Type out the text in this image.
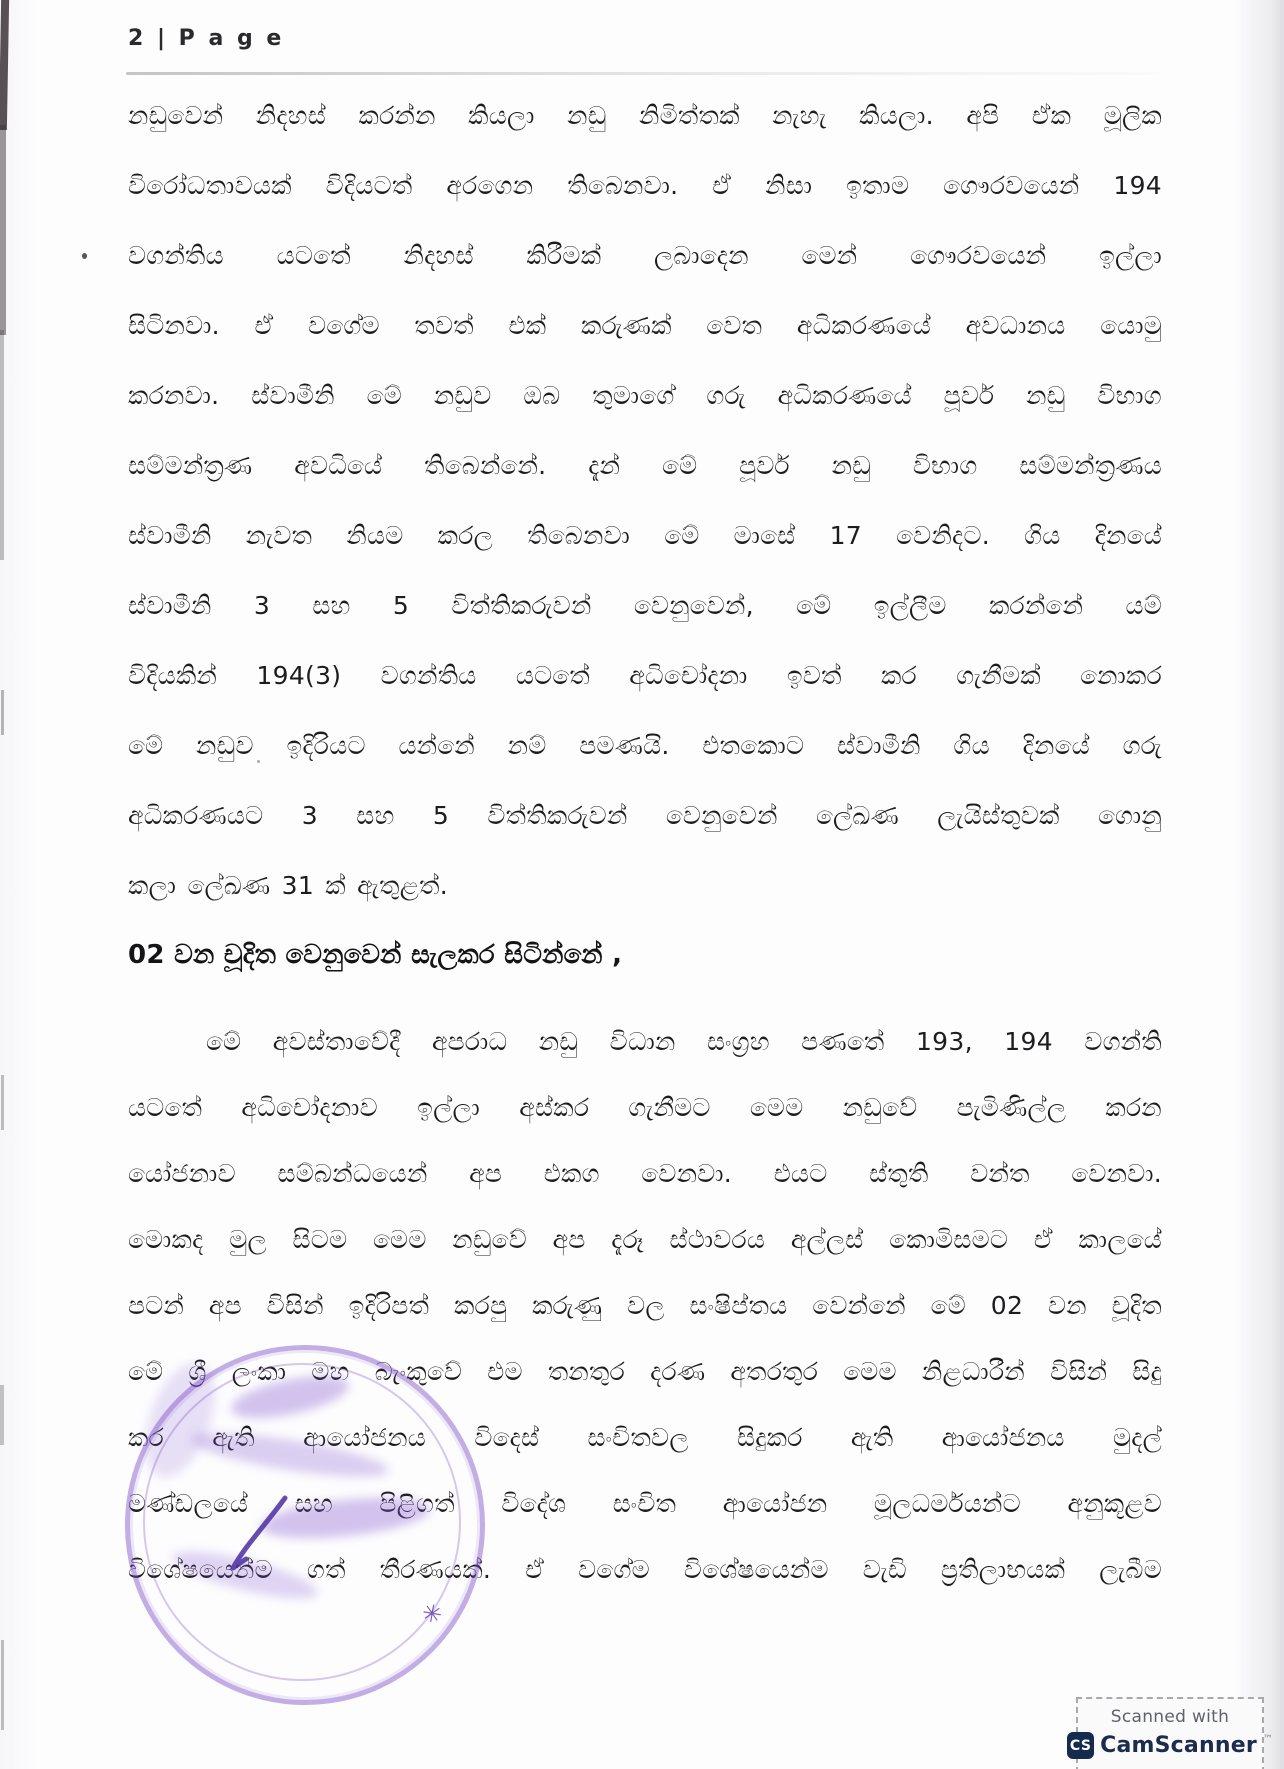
2 | P a g e
නඩුවෙන් නිදහස් කරන්න කියලා නඩු නිමිත්තක් නැහැ කියලා. අපි ඒක මූලික
විරෝධතාවයක් විදියටත් අරගෙන තිබෙනවා. ඒ නිසා ඉතාම ගෞරවයෙන් 194
වගන්තිය යටතේ නිදහස් කිරීමක් ලබාදෙන මෙන් ගෞරවයෙන් ඉල්ලා
සිටිනවා. ඒ වගේම තවත් එක් කරුණක් වෙත අධිකරණයේ අවධානය යොමු
කරනවා. ස්වාමීනි මේ නඩුව ඔබ තුමාගේ ගරු අධිකරණයේ පූර්ව නඩු විභාග
සම්මන්ත්‍රණ අවධියේ තිබෙන්නේ. දැන් මේ පූර්ව නඩු විභාග සම්මන්ත්‍රණය
ස්වාමීනි නැවත නියම කරල තිබෙනවා මේ මාසේ 17 වෙනිදට. ගිය දිනයේ
ස්වාමීනි 3 සහ 5 විත්තිකරුවන් වෙනුවෙන්, මේ ඉල්ලීම කරන්නේ යම්
විදියකින් 194(3) වගන්තිය යටතේ අධිචෝදනා ඉවත් කර ගැනීමක් නොකර
මේ නඩුව ඉදිරියට යන්නේ නම් පමණයි. එතකොට ස්වාමීනි ගිය දිනයේ ගරු
අධිකරණයට 3 සහ 5 විත්තිකරුවන් වෙනුවෙන් ලේඛණ ලැයිස්තුවක් ගොනු
කලා ලේඛණ 31 ක් ඇතුළත්.
02 වන චූදිත වෙනුවෙන් සැලකර සිටින්නේ ,
මේ අවස්තාවේදී අපරාධ නඩු විධාන සංග්‍රහ පණතේ 193, 194 වගන්ති
යටතේ අධිචෝදනාව ඉල්ලා අස්කර ගැනීමට මෙම නඩුවේ පැමිණිල්ල කරන
යෝජනාව සම්බන්ධයෙන් අප එකග වෙනවා. එයට ස්තුති වන්ත වෙනවා.
මොකද මුල සිටම මෙම නඩුවේ අප දැරූ ස්ථාවරය අල්ලස් කොමිසමට ඒ කාලයේ
පටන් අප විසින් ඉදිරිපත් කරපු කරුණු වල සංෂිප්තය වෙන්නේ මේ 02 වන චූදිත
මේ ශ්‍රී ලංකා මහ බැංකුවේ එම තනතුර දරණ අතරතුර මෙම නිළධාරීන් විසින් සිදු
කර ඇති ආයෝජනය විදෙස් සංචිතවල සිදුකර ඇති ආයෝජනය මුදල්
මණ්ඩලයේ සහ පිළිගත් විදේශ සංචිත ආයෝජන මූලධර්මයන්ට අනුකූළව
විශේෂයෙන්ම ගත් තීරණයක්. ඒ වගේම විශේෂයෙන්ම වැඩි ප්‍රතිලාභයක් ලැබීම
✳
Scanned with
CS CamScanner ™
